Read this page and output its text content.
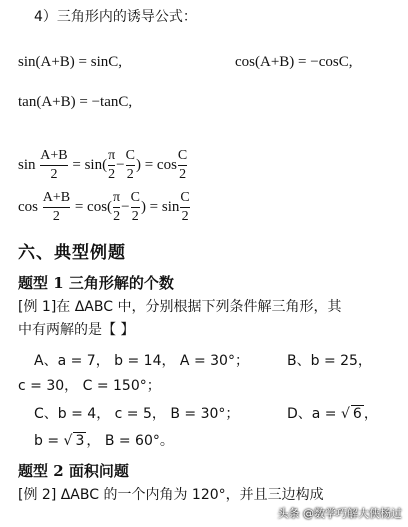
4）三角形内的诱导公式：
sin(A+B) = sinC,	cos(A+B) = −cosC,
tan(A+B) = −tanC,
$\sin \frac{A+B}{2} = \sin( \frac{\pi}{2} - \frac{C}{2}$ ) = $\cos \frac{C}{2}$
$\cos \frac{A+B}{2} = \cos( \frac{\pi}{2} - \frac{C}{2}$ ) = $\sin \frac{C}{2}$
六、典型例题
题型 1 三角形解的个数
[例 1]在 ΔABC 中，分别根据下列条件解三角形，其
中有两解的是【 】
A、a = 7， b = 14， A = 30°；	B、b = 25，
c = 30， C = 150°；
C、b = 4， c = 5， B = 30°；	D、a = √ 6 ，
b = √ 3 ， B = 60°。
题型 2 面积问题
[例 2] ΔABC 的一个内角为 120°，并且三边构成
头条 @数学巧解大侠杨过
